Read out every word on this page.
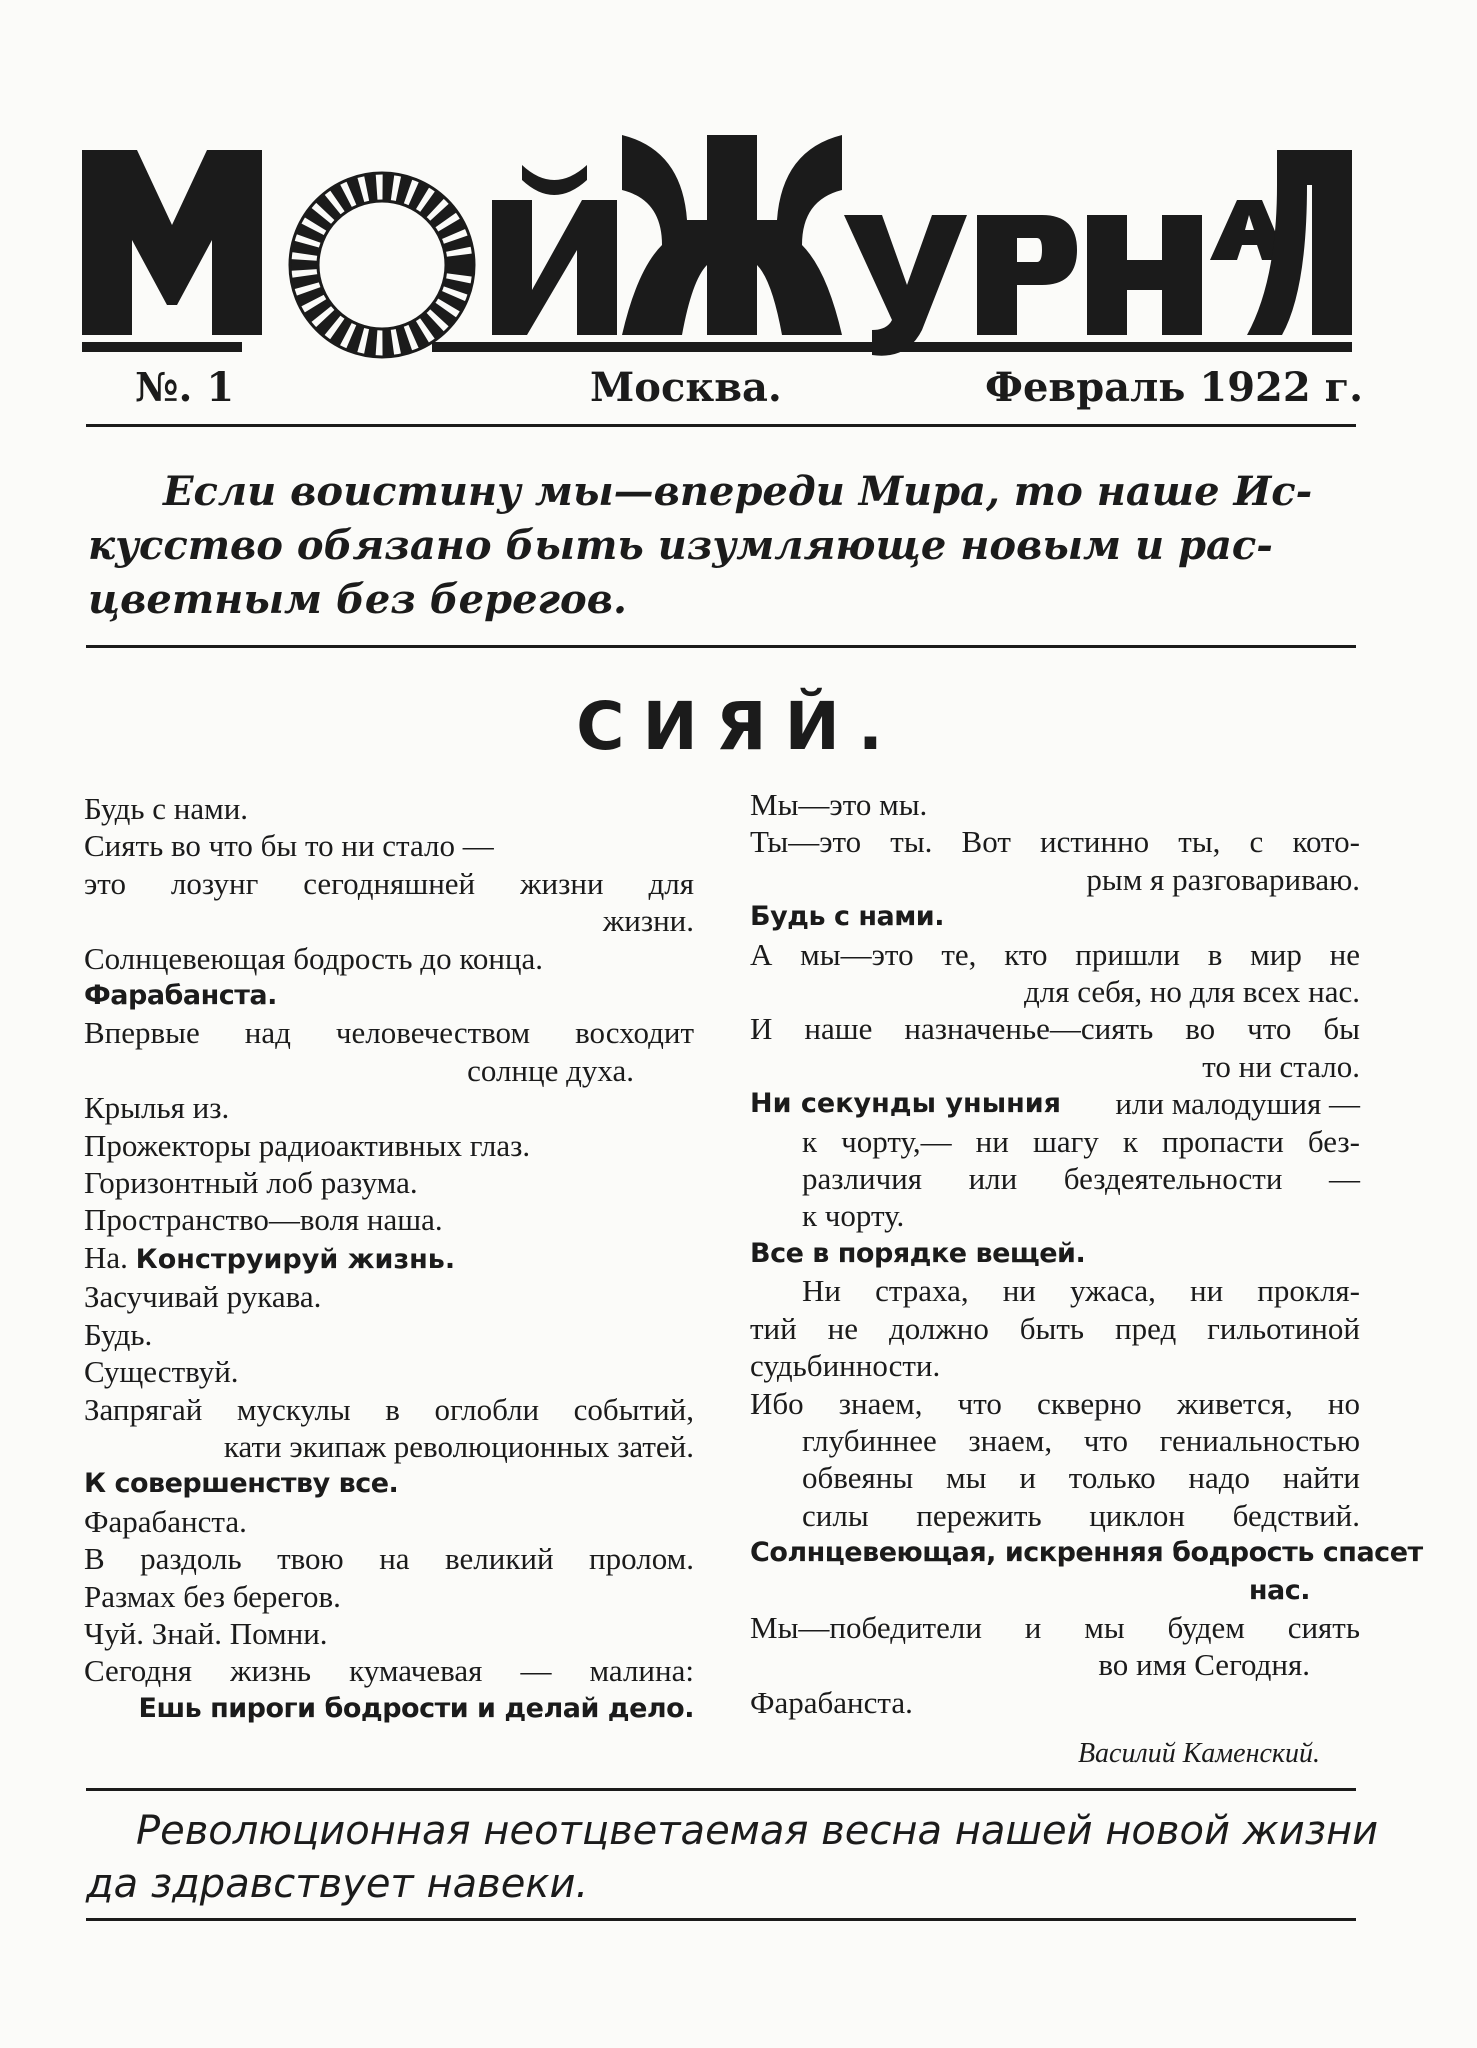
№. 1	Москва.	Февраль 1922 г.
Если воистину мы—впереди Мира, то наше Ис-
кусство обязано быть изумляюще новым и рас-
цветным без берегов.
СИЯЙ.
Будь с нами.
Сиять во что бы то ни стало —
это лозунг сегодняшней жизни для
жизни.
Солнцевеющая бодрость до конца.
Фарабанста.
Впервые над человечеством восходит
солнце духа.
Крылья из.
Прожекторы радиоактивных глаз.
Горизонтный лоб разума.
Пространство—воля наша.
На. Конструируй жизнь.
Засучивай рукава.
Будь.
Существуй.
Запрягай мускулы в оглобли событий,
кати экипаж революционных затей.
К совершенству все.
Фарабанста.
В раздоль твою на великий пролом.
Размах без берегов.
Чуй. Знай. Помни.
Сегодня жизнь кумачевая — малина:
Ешь пироги бодрости и делай дело.
Мы—это мы.
Ты—это ты. Вот истинно ты, с кото-
рым я разговариваю.
Будь с нами.
А мы—это те, кто пришли в мир не
для себя, но для всех нас.
И наше назначенье—сиять во что бы
то ни стало.
Ни секунды уныния или малодушия —
к чорту,— ни шагу к пропасти без-
различия или бездеятельности —
к чорту.
Все в порядке вещей.
Ни страха, ни ужаса, ни прокля-
тий не должно быть пред гильотиной
судьбинности.
Ибо знаем, что скверно живется, но
глубиннее знаем, что гениальностью
обвеяны мы и только надо найти
силы пережить циклон бедствий.
Солнцевеющая, искренняя бодрость спасет
нас.
Мы—победители и мы будем сиять
во имя Сегодня.
Фарабанста.
Василий Каменский.
Революционная неотцветаемая весна нашей новой жизни
да здравствует навеки.
